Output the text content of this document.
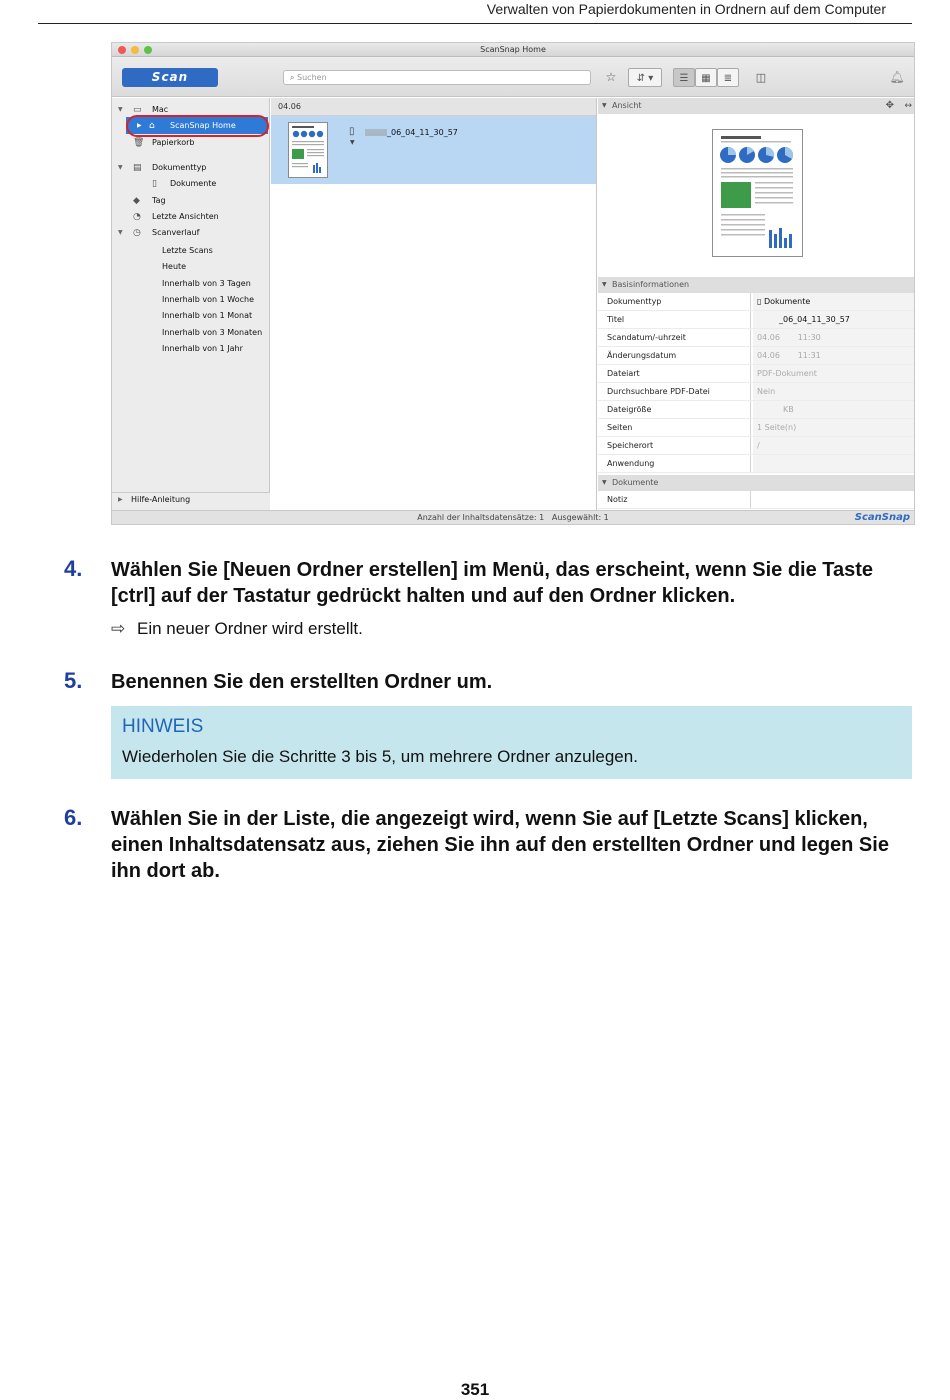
Verwalten von Papierdokumenten in Ordnern auf dem Computer
ScanSnap Home
Scan	⌕ Suchen	☆	⇵ ▾	☰	▦	≣	◫	🔔︎
▼ ▭ Mac
▶ ⌂ ScanSnap Home
🗑︎ Papierkorb
▼ ▤ Dokumenttyp
▯ Dokumente
◆ Tag
◔ Letzte Ansichten
▼ ◷ Scanverlauf
Letzte Scans
Heute
Innerhalb von 3 Tagen
Innerhalb von 1 Woche
Innerhalb von 1 Monat
Innerhalb von 3 Monaten
Innerhalb von 1 Jahr
▶ Hilfe-Anleitung
04.06
▯
▼
_06_04_11_30_57
▼ Ansicht	✥ ↔
▼ Basisinformationen
Dokumenttyp	▯ Dokumente
Titel	_06_04_11_30_57
Scandatum/-uhrzeit	04.06       11:30
Änderungsdatum	04.06       11:31
Dateiart	PDF-Dokument
Durchsuchbare PDF-Datei	Nein
Dateigröße	KB
Seiten	1 Seite(n)
Speicherort	/
Anwendung
▼ Dokumente
Notiz
Anzahl der Inhaltsdatensätze: 1   Ausgewählt: 1	ScanSnap
4. Wählen Sie [Neuen Ordner erstellen] im Menü, das erscheint, wenn Sie die Taste [ctrl] auf der Tastatur gedrückt halten und auf den Ordner klicken.
⇨ Ein neuer Ordner wird erstellt.
5. Benennen Sie den erstellten Ordner um.
HINWEIS
Wiederholen Sie die Schritte 3 bis 5, um mehrere Ordner anzulegen.
6. Wählen Sie in der Liste, die angezeigt wird, wenn Sie auf [Letzte Scans] klicken, einen Inhaltsdatensatz aus, ziehen Sie ihn auf den erstellten Ordner und legen Sie ihn dort ab.
351
